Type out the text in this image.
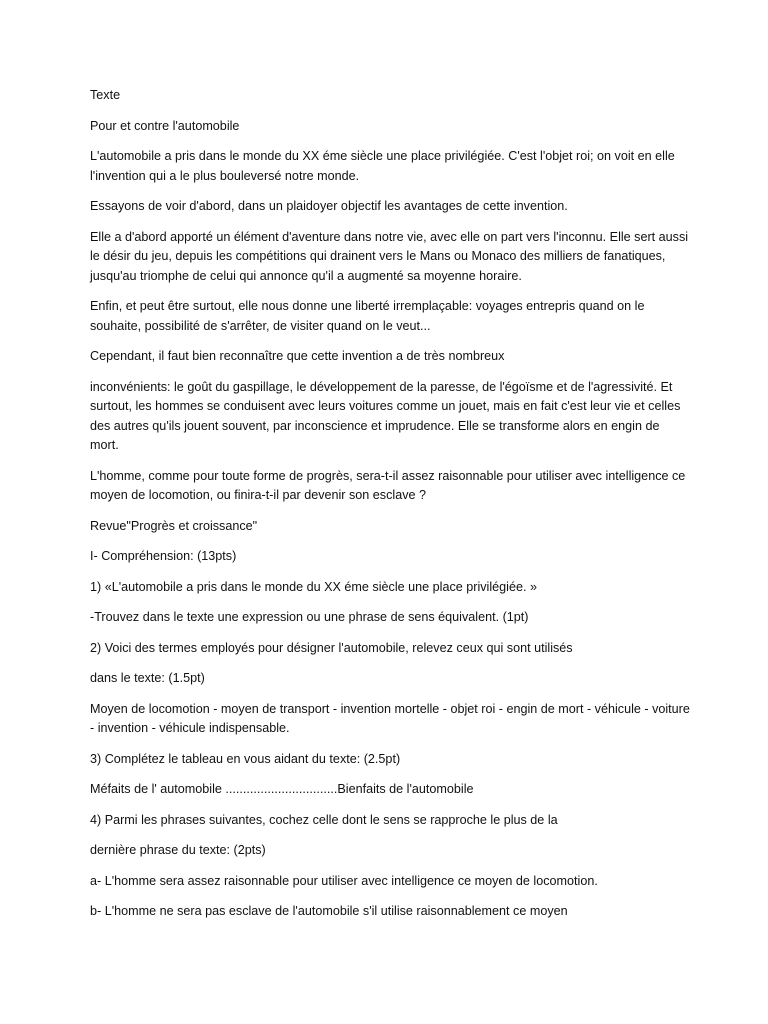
Texte

Pour et contre l'automobile

L'automobile a pris dans le monde du XX éme siècle une place privilégiée. C'est l'objet roi; on voit en elle l'invention qui a le plus bouleversé notre monde.

Essayons de voir d'abord, dans un plaidoyer objectif les avantages de cette invention.

Elle a d'abord apporté un élément d'aventure dans notre vie, avec elle on part vers l'inconnu. Elle sert aussi le désir du jeu, depuis les compétitions qui drainent vers le Mans ou Monaco des milliers de fanatiques, jusqu'au triomphe de celui qui annonce qu'il a augmenté sa moyenne horaire.

Enfin, et peut être surtout, elle nous donne une liberté irremplaçable: voyages entrepris quand on le souhaite, possibilité de s'arrêter, de visiter quand on le veut...

Cependant, il faut bien reconnaître que cette invention a de très nombreux

inconvénients: le goût du gaspillage, le développement de la paresse, de l'égoïsme et de l'agressivité. Et surtout, les hommes se conduisent avec leurs voitures comme un jouet, mais en fait c'est leur vie et celles des autres qu'ils jouent souvent, par inconscience et imprudence. Elle se transforme alors en engin de mort.

L'homme, comme pour toute forme de progrès, sera-t-il assez raisonnable pour utiliser avec intelligence ce moyen de locomotion, ou finira-t-il par devenir son esclave ?

Revue"Progrès et croissance"

I- Compréhension: (13pts)

1) «L'automobile a pris dans le monde du XX éme siècle une place privilégiée. »

-Trouvez dans le texte une expression ou une phrase de sens équivalent. (1pt)

2) Voici des termes employés pour désigner l'automobile, relevez ceux qui sont utilisés

dans le texte: (1.5pt)

Moyen de locomotion - moyen de transport - invention mortelle - objet roi - engin de mort - véhicule - voiture - invention - véhicule indispensable.

3) Complétez le tableau en vous aidant du texte: (2.5pt)

Méfaits de l' automobile ................................Bienfaits de l'automobile

4) Parmi les phrases suivantes, cochez celle dont le sens se rapproche le plus de la

dernière phrase du texte: (2pts)

a- L'homme sera assez raisonnable pour utiliser avec intelligence ce moyen de locomotion.

b- L'homme ne sera pas esclave de l'automobile s'il utilise raisonnablement ce moyen
